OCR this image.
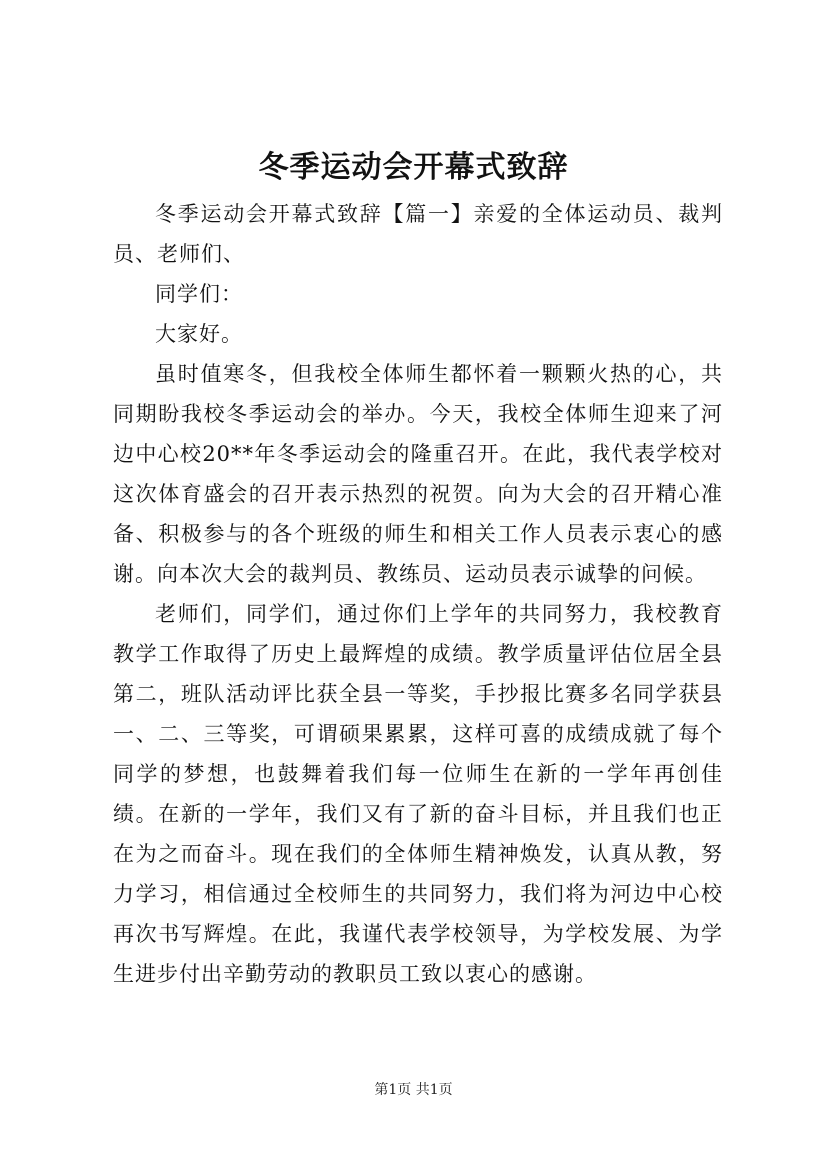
冬季运动会开幕式致辞

冬季运动会开幕式致辞【篇一】亲爱的全体运动员、裁判员、老师们、

同学们：

大家好。

虽时值寒冬，但我校全体师生都怀着一颗颗火热的心，共同期盼我校冬季运动会的举办。今天，我校全体师生迎来了河边中心校20**年冬季运动会的隆重召开。在此，我代表学校对这次体育盛会的召开表示热烈的祝贺。向为大会的召开精心准备、积极参与的各个班级的师生和相关工作人员表示衷心的感谢。向本次大会的裁判员、教练员、运动员表示诚挚的问候。

老师们，同学们，通过你们上学年的共同努力，我校教育教学工作取得了历史上最辉煌的成绩。教学质量评估位居全县第二，班队活动评比获全县一等奖，手抄报比赛多名同学获县一、二、三等奖，可谓硕果累累，这样可喜的成绩成就了每个同学的梦想，也鼓舞着我们每一位师生在新的一学年再创佳绩。在新的一学年，我们又有了新的奋斗目标，并且我们也正在为之而奋斗。现在我们的全体师生精神焕发，认真从教，努力学习，相信通过全校师生的共同努力，我们将为河边中心校再次书写辉煌。在此，我谨代表学校领导，为学校发展、为学生进步付出辛勤劳动的教职员工致以衷心的感谢。

第1页 共1页
